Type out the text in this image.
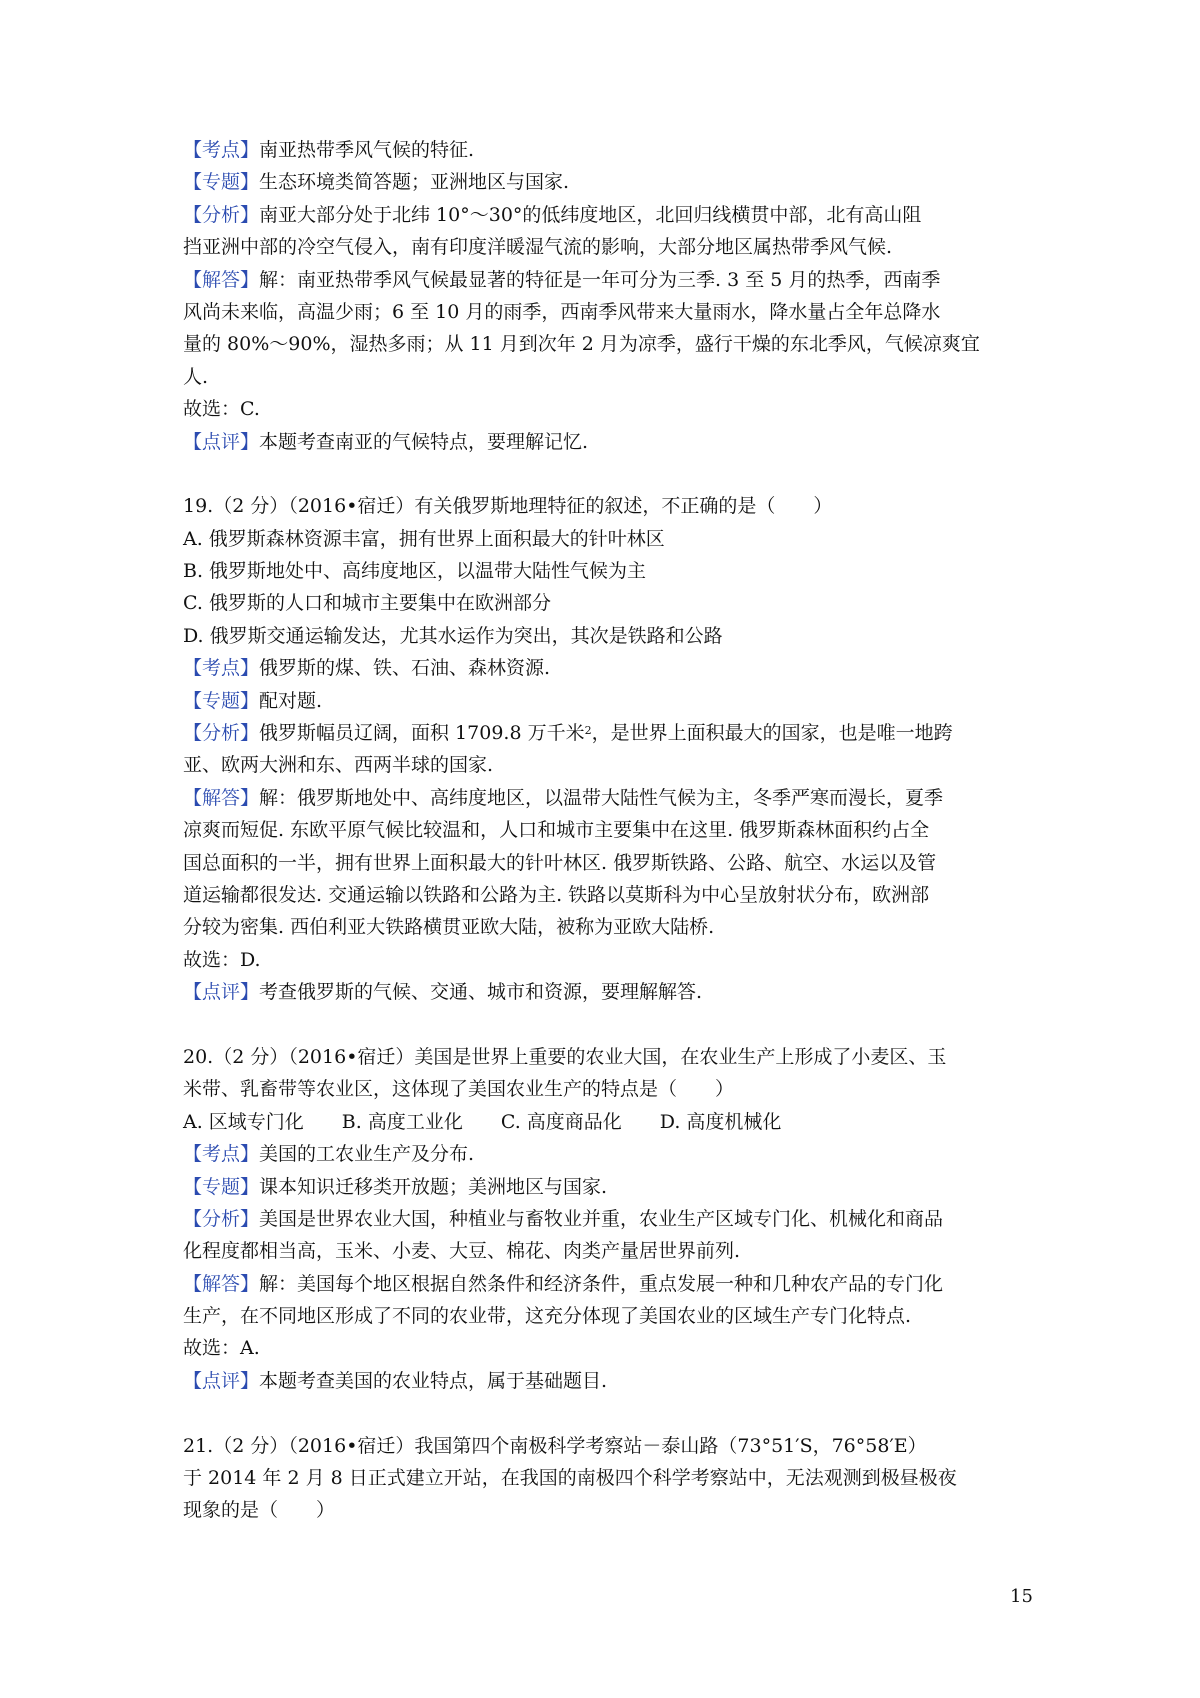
【考点】南亚热带季风气候的特征.
【专题】生态环境类简答题；亚洲地区与国家.
【分析】南亚大部分处于北纬 10°～30°的低纬度地区，北回归线横贯中部，北有高山阻
挡亚洲中部的冷空气侵入，南有印度洋暖湿气流的影响，大部分地区属热带季风气候.
【解答】解：南亚热带季风气候最显著的特征是一年可分为三季. 3 至 5 月的热季，西南季
风尚未来临，高温少雨；6 至 10 月的雨季，西南季风带来大量雨水，降水量占全年总降水
量的 80%～90%，湿热多雨；从 11 月到次年 2 月为凉季，盛行干燥的东北季风，气候凉爽宜
人.
故选：C.
【点评】本题考查南亚的气候特点，要理解记忆.
19.（2 分）（2016•宿迁）有关俄罗斯地理特征的叙述，不正确的是（　　）
A. 俄罗斯森林资源丰富，拥有世界上面积最大的针叶林区
B. 俄罗斯地处中、高纬度地区，以温带大陆性气候为主
C. 俄罗斯的人口和城市主要集中在欧洲部分
D. 俄罗斯交通运输发达，尤其水运作为突出，其次是铁路和公路
【考点】俄罗斯的煤、铁、石油、森林资源.
【专题】配对题.
【分析】俄罗斯幅员辽阔，面积 1709.8 万千米$^2$，是世界上面积最大的国家，也是唯一地跨
亚、欧两大洲和东、西两半球的国家.
【解答】解：俄罗斯地处中、高纬度地区，以温带大陆性气候为主，冬季严寒而漫长，夏季
凉爽而短促. 东欧平原气候比较温和，人口和城市主要集中在这里. 俄罗斯森林面积约占全
国总面积的一半，拥有世界上面积最大的针叶林区. 俄罗斯铁路、公路、航空、水运以及管
道运输都很发达. 交通运输以铁路和公路为主. 铁路以莫斯科为中心呈放射状分布，欧洲部
分较为密集. 西伯利亚大铁路横贯亚欧大陆，被称为亚欧大陆桥.
故选：D.
【点评】考查俄罗斯的气候、交通、城市和资源，要理解解答.
20.（2 分）（2016•宿迁）美国是世界上重要的农业大国，在农业生产上形成了小麦区、玉
米带、乳畜带等农业区，这体现了美国农业生产的特点是（　　）
A. 区域专门化　　B. 高度工业化　　C. 高度商品化　　D. 高度机械化
【考点】美国的工农业生产及分布.
【专题】课本知识迁移类开放题；美洲地区与国家.
【分析】美国是世界农业大国，种植业与畜牧业并重，农业生产区域专门化、机械化和商品
化程度都相当高，玉米、小麦、大豆、棉花、肉类产量居世界前列.
【解答】解：美国每个地区根据自然条件和经济条件，重点发展一种和几种农产品的专门化
生产，在不同地区形成了不同的农业带，这充分体现了美国农业的区域生产专门化特点.
故选：A.
【点评】本题考查美国的农业特点，属于基础题目.
21.（2 分）（2016•宿迁）我国第四个南极科学考察站－泰山路（73°51′S，76°58′E）
于 2014 年 2 月 8 日正式建立开站，在我国的南极四个科学考察站中，无法观测到极昼极夜
现象的是（　　）
15
